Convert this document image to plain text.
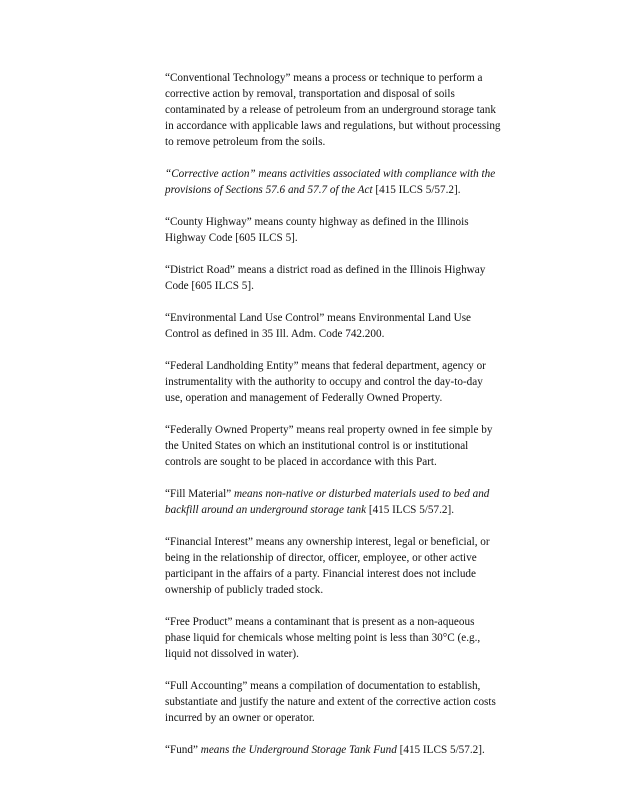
“Conventional Technology” means a process or technique to perform a
corrective action by removal, transportation and disposal of soils
contaminated by a release of petroleum from an underground storage tank
in accordance with applicable laws and regulations, but without processing
to remove petroleum from the soils.

“Corrective action” means activities associated with compliance with the
provisions of Sections 57.6 and 57.7 of the Act [415 ILCS 5/57.2].

“County Highway” means county highway as defined in the Illinois
Highway Code [605 ILCS 5].

“District Road” means a district road as defined in the Illinois Highway
Code [605 ILCS 5].

“Environmental Land Use Control” means Environmental Land Use
Control as defined in 35 Ill. Adm. Code 742.200.

“Federal Landholding Entity” means that federal department, agency or
instrumentality with the authority to occupy and control the day-to-day
use, operation and management of Federally Owned Property.

“Federally Owned Property” means real property owned in fee simple by
the United States on which an institutional control is or institutional
controls are sought to be placed in accordance with this Part.

“Fill Material” means non-native or disturbed materials used to bed and
backfill around an underground storage tank [415 ILCS 5/57.2].

“Financial Interest” means any ownership interest, legal or beneficial, or
being in the relationship of director, officer, employee, or other active
participant in the affairs of a party. Financial interest does not include
ownership of publicly traded stock.

“Free Product” means a contaminant that is present as a non-aqueous
phase liquid for chemicals whose melting point is less than 30°C (e.g.,
liquid not dissolved in water).

“Full Accounting” means a compilation of documentation to establish,
substantiate and justify the nature and extent of the corrective action costs
incurred by an owner or operator.

“Fund” means the Underground Storage Tank Fund [415 ILCS 5/57.2].
